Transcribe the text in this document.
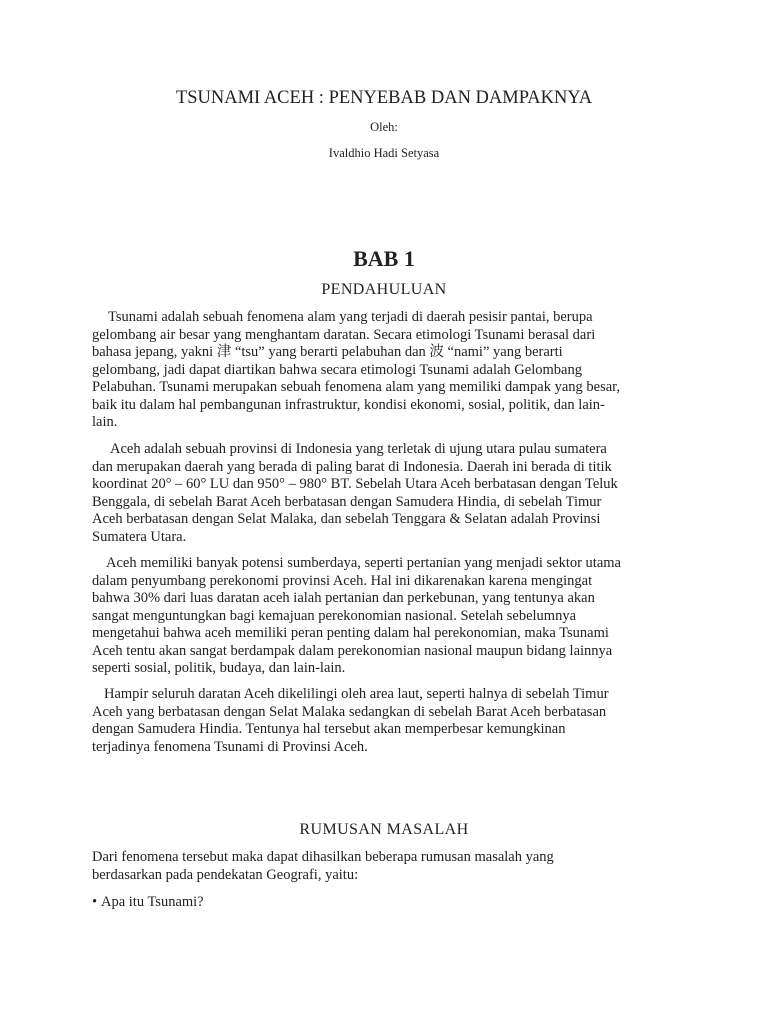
TSUNAMI ACEH : PENYEBAB DAN DAMPAKNYA
Oleh:
Ivaldhio Hadi Setyasa
BAB 1
PENDAHULUAN
Tsunami adalah sebuah fenomena alam yang terjadi di daerah pesisir pantai, berupa
gelombang air besar yang menghantam daratan. Secara etimologi Tsunami berasal dari
bahasa jepang, yakni 津 “tsu” yang berarti pelabuhan dan 波 “nami” yang berarti
gelombang, jadi dapat diartikan bahwa secara etimologi Tsunami adalah Gelombang
Pelabuhan. Tsunami merupakan sebuah fenomena alam yang memiliki dampak yang besar,
baik itu dalam hal pembangunan infrastruktur, kondisi ekonomi, sosial, politik, dan lain-
lain.
Aceh adalah sebuah provinsi di Indonesia yang terletak di ujung utara pulau sumatera
dan merupakan daerah yang berada di paling barat di Indonesia. Daerah ini berada di titik
koordinat 20° – 60° LU dan 950° – 980° BT. Sebelah Utara Aceh berbatasan dengan Teluk
Benggala, di sebelah Barat Aceh berbatasan dengan Samudera Hindia, di sebelah Timur
Aceh berbatasan dengan Selat Malaka, dan sebelah Tenggara & Selatan adalah Provinsi
Sumatera Utara.
Aceh memiliki banyak potensi sumberdaya, seperti pertanian yang menjadi sektor utama
dalam penyumbang perekonomi provinsi Aceh. Hal ini dikarenakan karena mengingat
bahwa 30% dari luas daratan aceh ialah pertanian dan perkebunan, yang tentunya akan
sangat menguntungkan bagi kemajuan perekonomian nasional. Setelah sebelumnya
mengetahui bahwa aceh memiliki peran penting dalam hal perekonomian, maka Tsunami
Aceh tentu akan sangat berdampak dalam perekonomian nasional maupun bidang lainnya
seperti sosial, politik, budaya, dan lain-lain.
Hampir seluruh daratan Aceh dikelilingi oleh area laut, seperti halnya di sebelah Timur
Aceh yang berbatasan dengan Selat Malaka sedangkan di sebelah Barat Aceh berbatasan
dengan Samudera Hindia. Tentunya hal tersebut akan memperbesar kemungkinan
terjadinya fenomena Tsunami di Provinsi Aceh.
RUMUSAN MASALAH
Dari fenomena tersebut maka dapat dihasilkan beberapa rumusan masalah yang
berdasarkan pada pendekatan Geografi, yaitu:
• Apa itu Tsunami?
